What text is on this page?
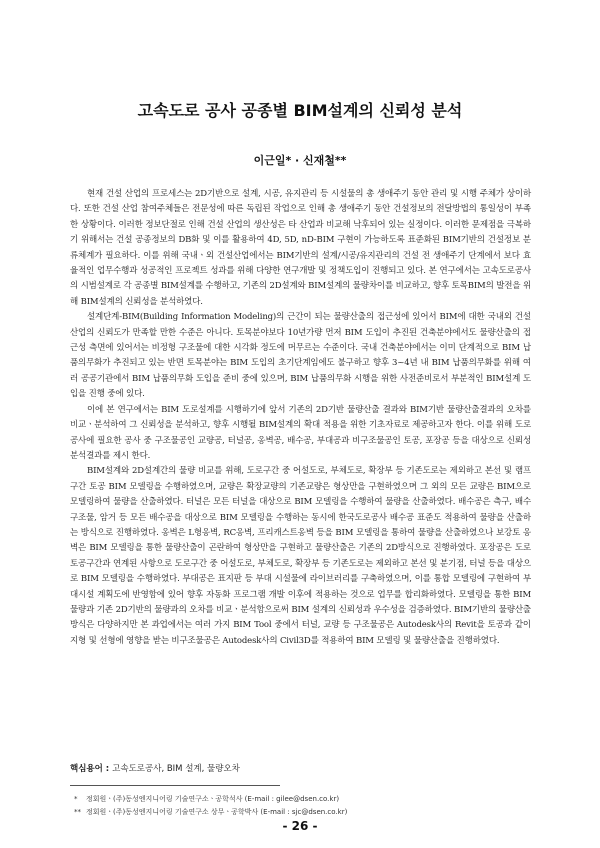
고속도로 공사 공종별 BIM설계의 신뢰성 분석
이근일* · 신재철**

현재 건설 산업의 프로세스는 2D기반으로 설계, 시공, 유지관리 등 시설물의 총 생애주기 동안 관리 및 시행 주체가 상이하다. 또한 건설 산업 참여주체들은 전문성에 따른 독립된 작업으로 인해 총 생애주기 동안 건설정보의 전달방법의 통일성이 부족한 상황이다. 이러한 정보단절로 인해 건설 산업의 생산성은 타 산업과 비교해 낙후되어 있는 실정이다. 이러한 문제점을 극복하기 위해서는 건설 공종정보의 DB화 및 이를 활용하여 4D, 5D, nD-BIM 구현이 가능하도록 표준화된 BIM기반의 건설정보 분류체계가 필요하다. 이를 위해 국내ㆍ외 건설산업에서는 BIM기반의 설계/시공/유지관리의 건설 전 생애주기 단계에서 보다 효율적인 업무수행과 성공적인 프로젝트 성과를 위해 다양한 연구개발 및 정책도입이 진행되고 있다. 본 연구에서는 고속도로공사의 시범설계로 각 공종별 BIM설계를 수행하고, 기존의 2D설계와 BIM설계의 물량차이를 비교하고, 향후 토목BIM의 발전을 위해 BIM설계의 신뢰성을 분석하였다.

설계단계-BIM(Building Information Modeling)의 근간이 되는 물량산출의 접근성에 있어서 BIM에 대한 국내외 건설 산업의 신뢰도가 만족할 만한 수준은 아니다. 토목분야보다 10년가량 먼저 BIM 도입이 추진된 건축분야에서도 물량산출의 접근성 측면에 있어서는 비정형 구조물에 대한 시각화 정도에 머무르는 수준이다. 국내 건축분야에서는 이미 단계적으로 BIM 납품의무화가 추진되고 있는 반면 토목분야는 BIM 도입의 초기단계임에도 불구하고 향후 3~4년 내 BIM 납품의무화를 위해 여러 공공기관에서 BIM 납품의무화 도입을 준비 중에 있으며, BIM 납품의무화 시행을 위한 사전준비로서 부분적인 BIM설계 도입을 진행 중에 있다.

이에 본 연구에서는 BIM 도로설계를 시행하기에 앞서 기존의 2D기반 물량산출 결과와 BIM기반 물량산출결과의 오차를 비교ㆍ분석하여 그 신뢰성을 분석하고, 향후 시행될 BIM설계의 확대 적용을 위한 기초자료로 제공하고자 한다. 이를 위해 도로공사에 필요한 공사 중 구조물공인 교량공, 터널공, 옹벽공, 배수공, 부대공과 비구조물공인 토공, 포장공 등을 대상으로 신뢰성 분석결과를 제시 한다.

BIM설계와 2D설계간의 물량 비교를 위해, 도로구간 중 어설도로, 부체도로, 확장부 등 기존도로는 제외하고 본선 및 램프구간 토공 BIM 모델링을 수행하였으며, 교량은 확장교량의 기존교량은 형상만을 구현하였으며 그 외의 모든 교량은 BIM으로 모델링하여 물량을 산출하였다. 터널은 모든 터널을 대상으로 BIM 모델링을 수행하여 물량을 산출하였다. 배수공은 측구, 배수구조물, 암거 등 모든 배수공을 대상으로 BIM 모델링을 수행하는 동시에 한국도로공사 배수공 표준도 적용하여 물량을 산출하는 방식으로 진행하였다. 옹벽은 L형옹벽, RC옹벽, 프리캐스트옹벽 등을 BIM 모델링을 통하여 물량을 산출하였으나 보강토 옹벽은 BIM 모델링을 통한 물량산출이 곤란하여 형상만을 구현하고 물량산출은 기존의 2D방식으로 진행하였다. 포장공은 도로 토공구간과 연계된 사항으로 도로구간 중 어설도로, 부체도로, 확장부 등 기존도로는 제외하고 본선 및 분기점, 터널 등을 대상으로 BIM 모델링을 수행하였다. 부대공은 표지판 등 부대 시설물에 라이브러리를 구축하였으며, 이를 통합 모델링에 구현하여 부대시설 계획도에 반영함에 있어 향후 자동화 프로그램 개발 이후에 적용하는 것으로 업무를 합리화하였다. 모델링을 통한 BIM 물량과 기존 2D기반의 물량과의 오차를 비교ㆍ분석함으로써 BIM 설계의 신뢰성과 우수성을 검증하였다. BIM기반의 물량산출 방식은 다양하지만 본 과업에서는 여러 가지 BIM Tool 중에서 터널, 교량 등 구조물공은 Autodesk사의 Revit을 토공과 같이 지형 및 선형에 영향을 받는 비구조물공은 Autodesk사의 Civil3D를 적용하여 BIM 모델링 및 물량산출을 진행하였다.

핵심용어 : 고속도로공사, BIM 설계, 물량오차
* 정회원ㆍ(주)동성엔지니어링 기술연구소ㆍ공학석사 (E-mail : gilee@dsen.co.kr)
** 정회원ㆍ(주)동성엔지니어링 기술연구소 상무ㆍ공학박사 (E-mail : sjc@dsen.co.kr)
- 26 -
